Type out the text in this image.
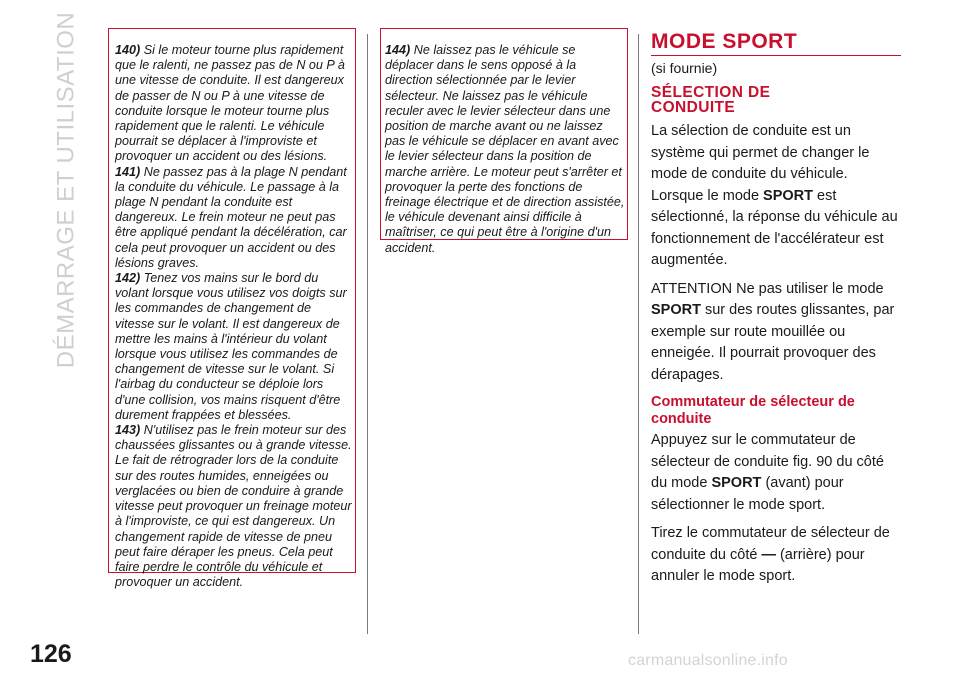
DÉMARRAGE ET UTILISATION	140) Si le moteur tourne plus rapidement que le ralenti, ne passez pas de N ou P à une vitesse de conduite. Il est dangereux de passer de N ou P à une vitesse de conduite lorsque le moteur tourne plus rapidement que le ralenti. Le véhicule pourrait se déplacer à l'improviste et provoquer un accident ou des lésions.
141) Ne passez pas à la plage N pendant la conduite du véhicule. Le passage à la plage N pendant la conduite est dangereux. Le frein moteur ne peut pas être appliqué pendant la décélération, car cela peut provoquer un accident ou des lésions graves.
142) Tenez vos mains sur le bord du volant lorsque vous utilisez vos doigts sur les commandes de changement de vitesse sur le volant. Il est dangereux de mettre les mains à l'intérieur du volant lorsque vous utilisez les commandes de changement de vitesse sur le volant. Si l'airbag du conducteur se déploie lors d'une collision, vos mains risquent d'être durement frappées et blessées.
143) N'utilisez pas le frein moteur sur des chaussées glissantes ou à grande vitesse. Le fait de rétrograder lors de la conduite sur des routes humides, enneigées ou verglacées ou bien de conduire à grande vitesse peut provoquer un freinage moteur à l'improviste, ce qui est dangereux. Un changement rapide de vitesse de pneu peut faire déraper les pneus. Cela peut faire perdre le contrôle du véhicule et provoquer un accident.
144) Ne laissez pas le véhicule se déplacer dans le sens opposé à la direction sélectionnée par le levier sélecteur. Ne laissez pas le véhicule reculer avec le levier sélecteur dans une position de marche avant ou ne laissez pas le véhicule se déplacer en avant avec le levier sélecteur dans la position de marche arrière. Le moteur peut s'arrêter et provoquer la perte des fonctions de freinage électrique et de direction assistée, le véhicule devenant ainsi difficile à maîtriser, ce qui peut être à l'origine d'un accident.
MODE SPORT
(si fournie)
SÉLECTION DE CONDUITE

La sélection de conduite est un système qui permet de changer le mode de conduite du véhicule. Lorsque le mode SPORT est sélectionné, la réponse du véhicule au fonctionnement de l'accélérateur est augmentée.

ATTENTION Ne pas utiliser le mode SPORT sur des routes glissantes, par exemple sur route mouillée ou enneigée. Il pourrait provoquer des dérapages.

Commutateur de sélecteur de conduite

Appuyez sur le commutateur de sélecteur de conduite fig. 90 du côté du mode SPORT (avant) pour sélectionner le mode sport.

Tirez le commutateur de sélecteur de conduite du côté — (arrière) pour annuler le mode sport.

126	carmanualsonline.info
